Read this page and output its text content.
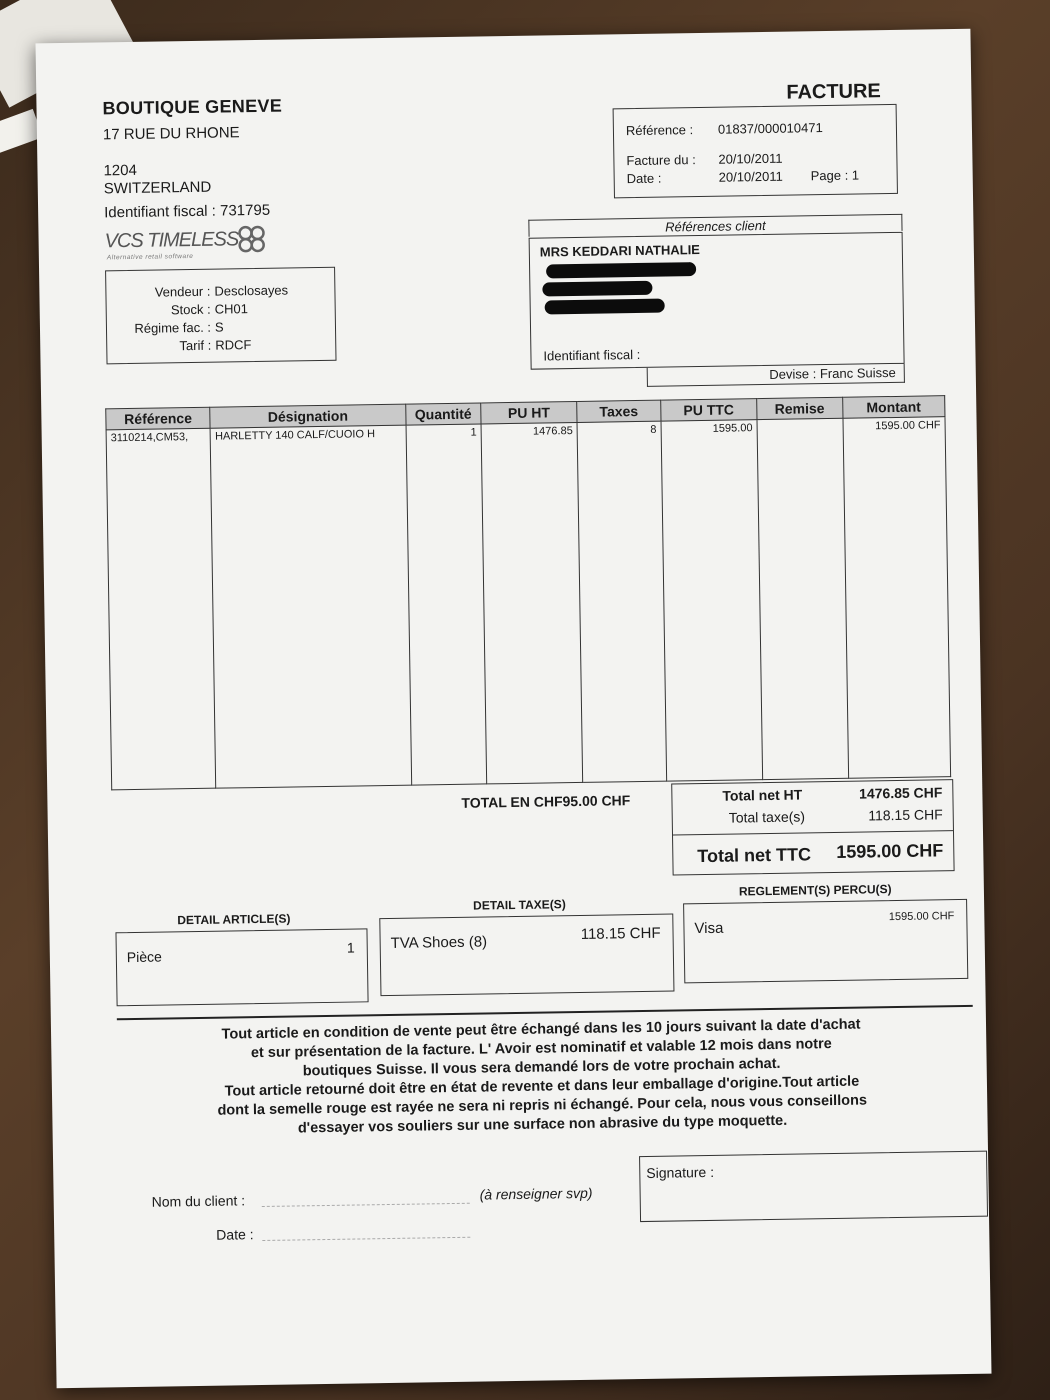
BOUTIQUE GENEVE
17 RUE DU RHONE
1204
SWITZERLAND
Identifiant fiscal : 731795
VCS TIMELESS
Alternative retail software
FACTURE
Référence : 01837/000010471
Facture du : 20/10/2011
Date :	20/10/2011 Page : 1
Vendeur : Desclosayes
Stock : CH01
Régime fac. : S
Tarif : RDCF
Références client
MRS KEDDARI NATHALIE
Identifiant fiscal :
Devise : Franc Suisse
Référence	Désignation	Quantité	PU HT	Taxes	PU TTC	Remise	Montant
3110214,CM53,	HARLETTY 140 CALF/CUOIO H	1	1476.85	8	1595.00		1595.00 CHF
TOTAL EN CHF95.00 CHF	Total net HT	1476.85 CHF
Total taxe(s)	118.15 CHF
Total net TTC 1595.00 CHF
DETAIL ARTICLE(S)
Pièce
1
DETAIL TAXE(S)
TVA Shoes (8)	118.15 CHF
REGLEMENT(S) PERCU(S)
Visa
1595.00 CHF
Tout article en condition de vente peut être échangé dans les 10 jours suivant la date d'achat
et sur présentation de la facture. L' Avoir est nominatif et valable 12 mois dans notre
boutiques Suisse. Il vous sera demandé lors de votre prochain achat.
Tout article retourné doit être en état de revente et dans leur emballage d'origine.Tout article
dont la semelle rouge est rayée ne sera ni repris ni échangé. Pour cela, nous vous conseillons
d'essayer vos souliers sur une surface non abrasive du type moquette.
Nom du client :	(à renseigner svp)
Date :
Signature :
